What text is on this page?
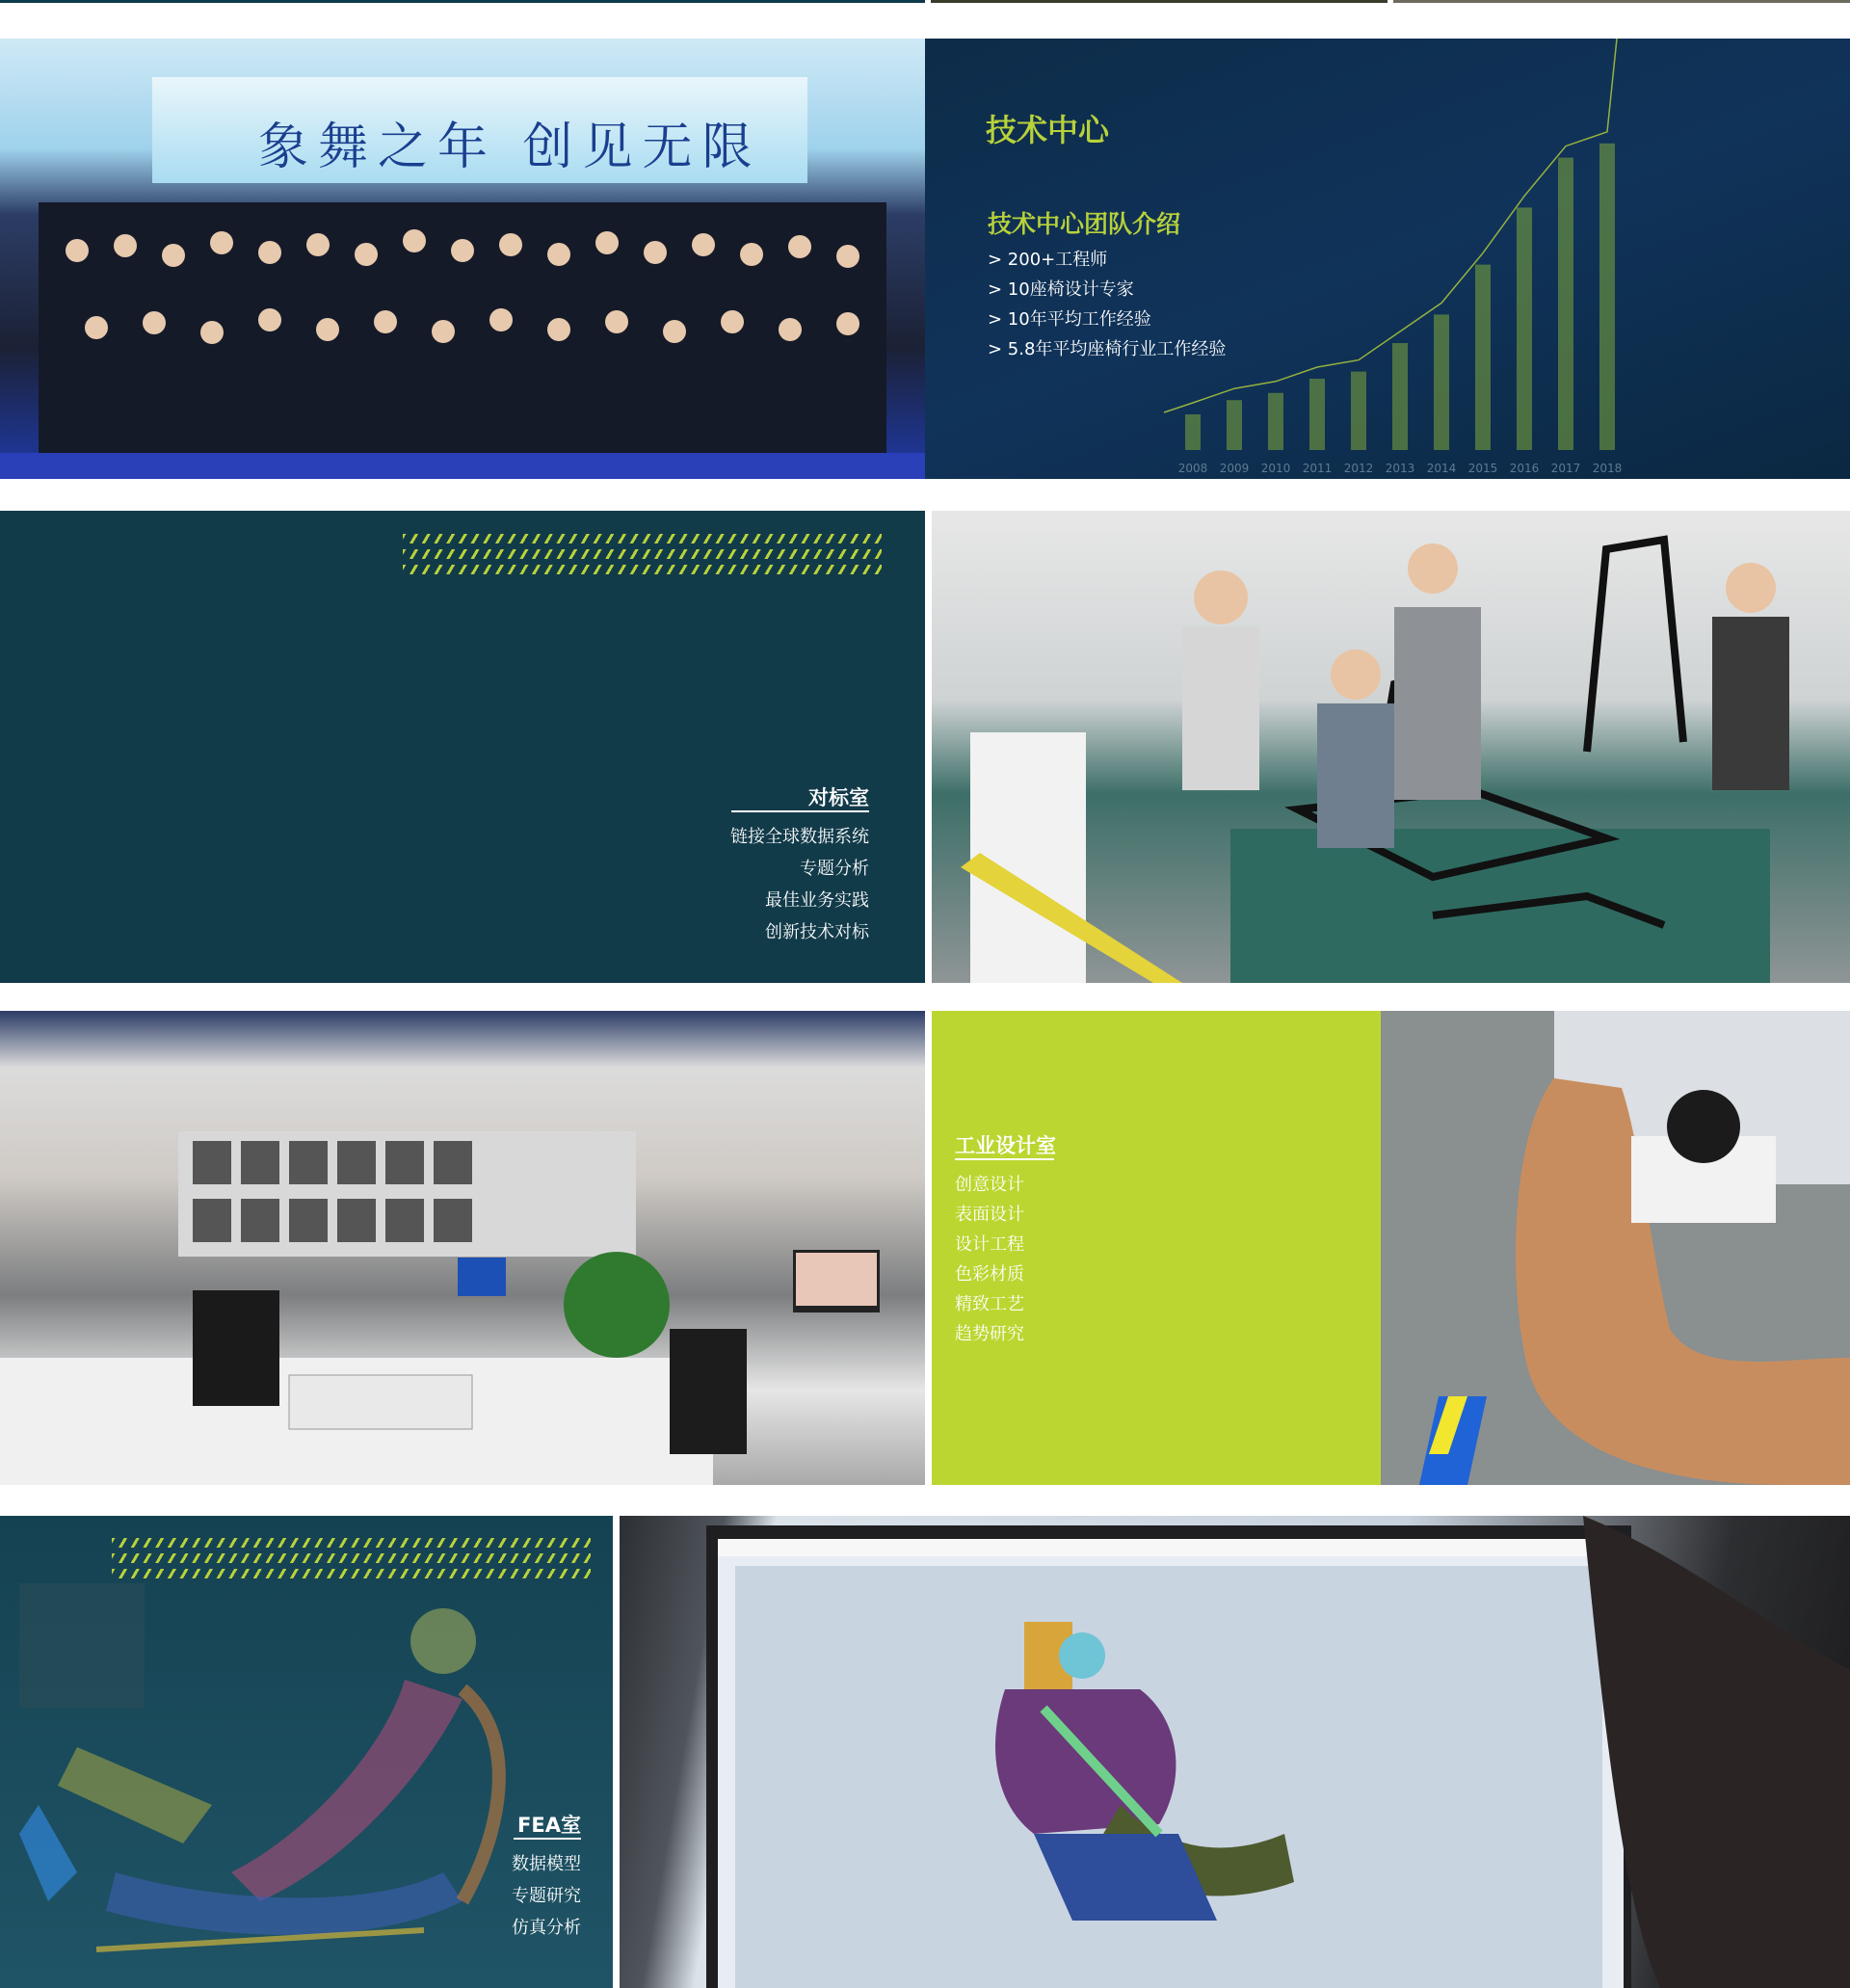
象舞之年 创见无限
2008 2009 2010 2011 2012 2013 2014 2015 2016 2017 2018
技术中心
技术中心团队介绍
> 200+工程师
> 10座椅设计专家
> 10年平均工作经验
> 5.8年平均座椅行业工作经验
对标室
链接全球数据系统
专题分析
最佳业务实践
创新技术对标
工业设计室
创意设计
表面设计
设计工程
色彩材质
精致工艺
趋势研究
FEA室
数据模型
专题研究
仿真分析
